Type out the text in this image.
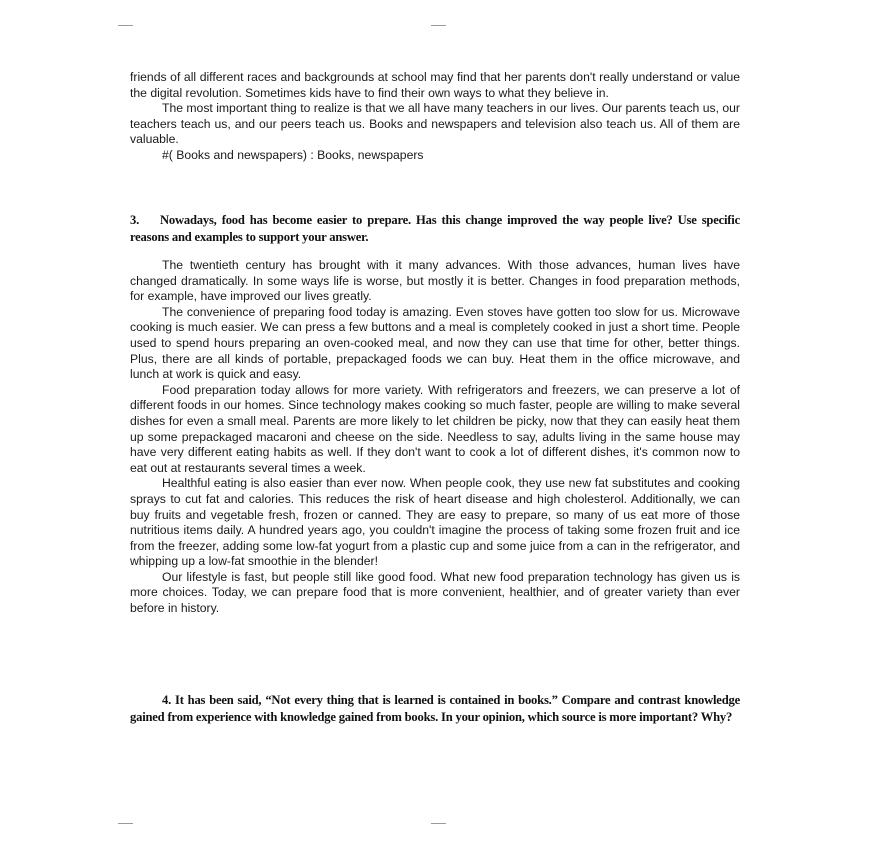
friends of all different races and backgrounds at school may find that her parents don't really understand or value the digital revolution. Sometimes kids have to find their own ways to what they believe in.

The most important thing to realize is that we all have many teachers in our lives. Our parents teach us, our teachers teach us, and our peers teach us. Books and newspapers and television also teach us. All of them are valuable.

#( Books and newspapers) : Books, newspapers

3. Nowadays, food has become easier to prepare. Has this change improved the way people live? Use specific reasons and examples to support your answer.

The twentieth century has brought with it many advances. With those advances, human lives have changed dramatically. In some ways life is worse, but mostly it is better. Changes in food preparation methods, for example, have improved our lives greatly.

The convenience of preparing food today is amazing. Even stoves have gotten too slow for us. Microwave cooking is much easier. We can press a few buttons and a meal is completely cooked in just a short time. People used to spend hours preparing an oven-cooked meal, and now they can use that time for other, better things. Plus, there are all kinds of portable, prepackaged foods we can buy. Heat them in the office microwave, and lunch at work is quick and easy.

Food preparation today allows for more variety. With refrigerators and freezers, we can preserve a lot of different foods in our homes. Since technology makes cooking so much faster, people are willing to make several dishes for even a small meal. Parents are more likely to let children be picky, now that they can easily heat them up some prepackaged macaroni and cheese on the side. Needless to say, adults living in the same house may have very different eating habits as well. If they don't want to cook a lot of different dishes, it's common now to eat out at restaurants several times a week.

Healthful eating is also easier than ever now. When people cook, they use new fat substitutes and cooking sprays to cut fat and calories. This reduces the risk of heart disease and high cholesterol. Additionally, we can buy fruits and vegetable fresh, frozen or canned. They are easy to prepare, so many of us eat more of those nutritious items daily. A hundred years ago, you couldn't imagine the process of taking some frozen fruit and ice from the freezer, adding some low-fat yogurt from a plastic cup and some juice from a can in the refrigerator, and whipping up a low-fat smoothie in the blender!

Our lifestyle is fast, but people still like good food. What new food preparation technology has given us is more choices. Today, we can prepare food that is more convenient, healthier, and of greater variety than ever before in history.

4. It has been said, “Not every thing that is learned is contained in books.” Compare and contrast knowledge gained from experience with knowledge gained from books. In your opinion, which source is more important? Why?
